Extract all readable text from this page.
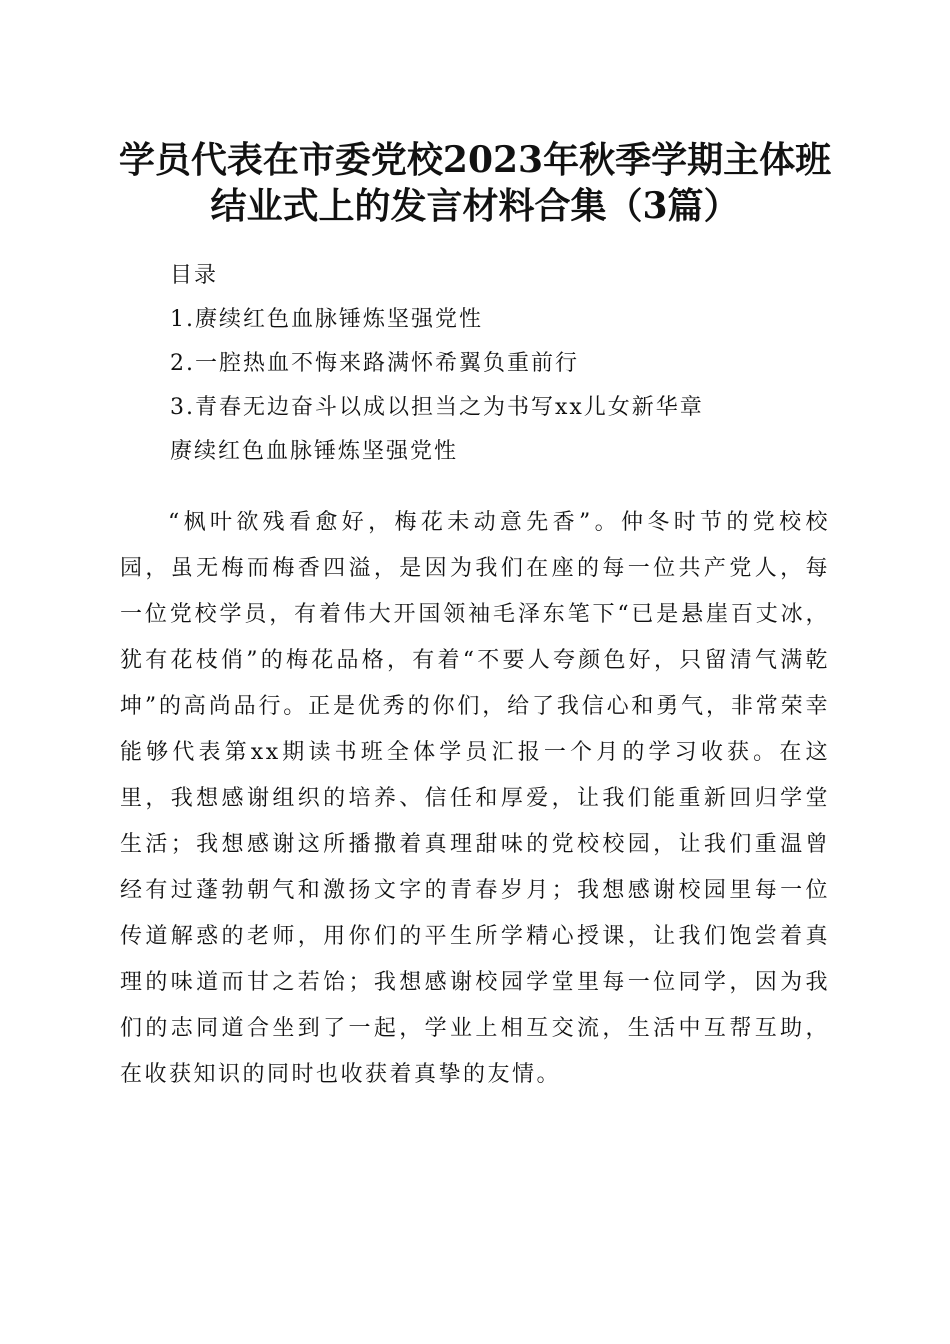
学员代表在市委党校2023年秋季学期主体班
结业式上的发言材料合集（3篇）
目录
1.赓续红色血脉锤炼坚强党性
2.一腔热血不悔来路满怀希翼负重前行
3.青春无边奋斗以成以担当之为书写xx儿女新华章
赓续红色血脉锤炼坚强党性

“枫叶欲残看愈好，梅花未动意先香”。仲冬时节的党校校园，虽无梅而梅香四溢，是因为我们在座的每一位共产党人，每一位党校学员，有着伟大开国领袖毛泽东笔下“已是悬崖百丈冰，犹有花枝俏”的梅花品格，有着“不要人夸颜色好，只留清气满乾坤”的高尚品行。正是优秀的你们，给了我信心和勇气，非常荣幸能够代表第xx期读书班全体学员汇报一个月的学习收获。在这里，我想感谢组织的培养、信任和厚爱，让我们能重新回归学堂生活；我想感谢这所播撒着真理甜味的党校校园，让我们重温曾经有过蓬勃朝气和激扬文字的青春岁月；我想感谢校园里每一位传道解惑的老师，用你们的平生所学精心授课，让我们饱尝着真理的味道而甘之若饴；我想感谢校园学堂里每一位同学，因为我们的志同道合坐到了一起，学业上相互交流，生活中互帮互助，在收获知识的同时也收获着真挚的友情。
